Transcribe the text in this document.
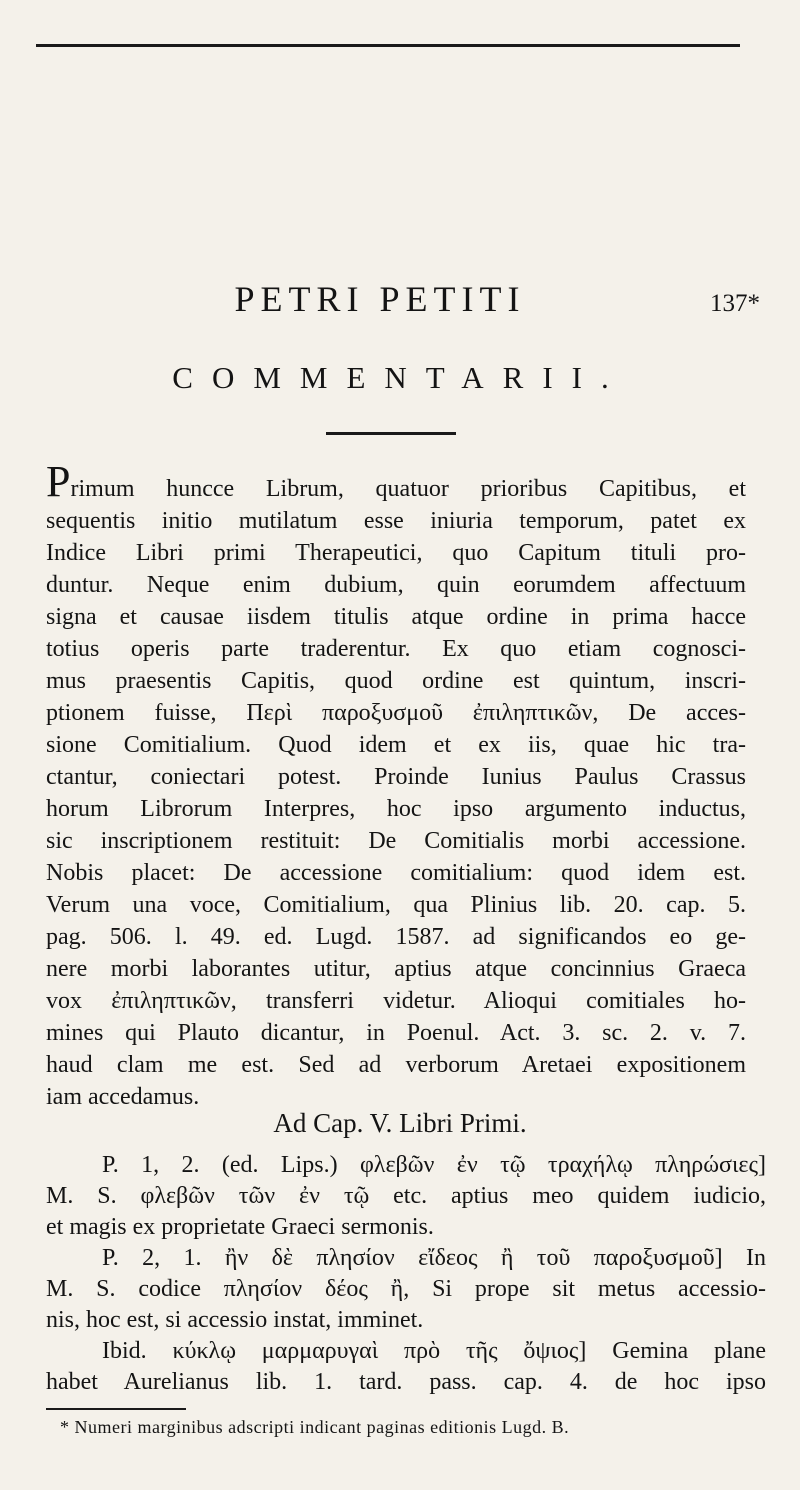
PETRI PETITI	137*
COMMENTARII.
Primum huncce Librum, quatuor prioribus Capitibus, et
sequentis initio mutilatum esse iniuria temporum, patet ex
Indice Libri primi Therapeutici, quo Capitum tituli pro-
duntur. Neque enim dubium, quin eorumdem affectuum
signa et causae iisdem titulis atque ordine in prima hacce
totius operis parte traderentur. Ex quo etiam cognosci-
mus praesentis Capitis, quod ordine est quintum, inscri-
ptionem fuisse, Περὶ παροξυσμοῦ ἐπιληπτικῶν, De acces-
sione Comitialium. Quod idem et ex iis, quae hic tra-
ctantur, coniectari potest. Proinde Iunius Paulus Crassus
horum Librorum Interpres, hoc ipso argumento inductus,
sic inscriptionem restituit: De Comitialis morbi accessione.
Nobis placet: De accessione comitialium: quod idem est.
Verum una voce, Comitialium, qua Plinius lib. 20. cap. 5.
pag. 506. l. 49. ed. Lugd. 1587. ad significandos eo ge-
nere morbi laborantes utitur, aptius atque concinnius Graeca
vox ἐπιληπτικῶν, transferri videtur. Alioqui comitiales ho-
mines qui Plauto dicantur, in Poenul. Act. 3. sc. 2. v. 7.
haud clam me est. Sed ad verborum Aretaei expositionem
iam accedamus.
Ad Cap. V. Libri Primi.
P. 1, 2. (ed. Lips.) φλεβῶν ἐν τῷ τραχήλῳ πληρώσιες]
M. S. φλεβῶν τῶν ἐν τῷ etc. aptius meo quidem iudicio,
et magis ex proprietate Graeci sermonis.
P. 2, 1. ἢν δὲ πλησίον εἴδεος ἢ τοῦ παροξυσμοῦ] In
M. S. codice πλησίον δέος ἢ, Si prope sit metus accessio-
nis, hoc est, si accessio instat, imminet.
Ibid. κύκλῳ μαρμαρυγαὶ πρὸ τῆς ὄψιος] Gemina plane
habet Aurelianus lib. 1. tard. pass. cap. 4. de hoc ipso
* Numeri marginibus adscripti indicant paginas editionis Lugd. B.
